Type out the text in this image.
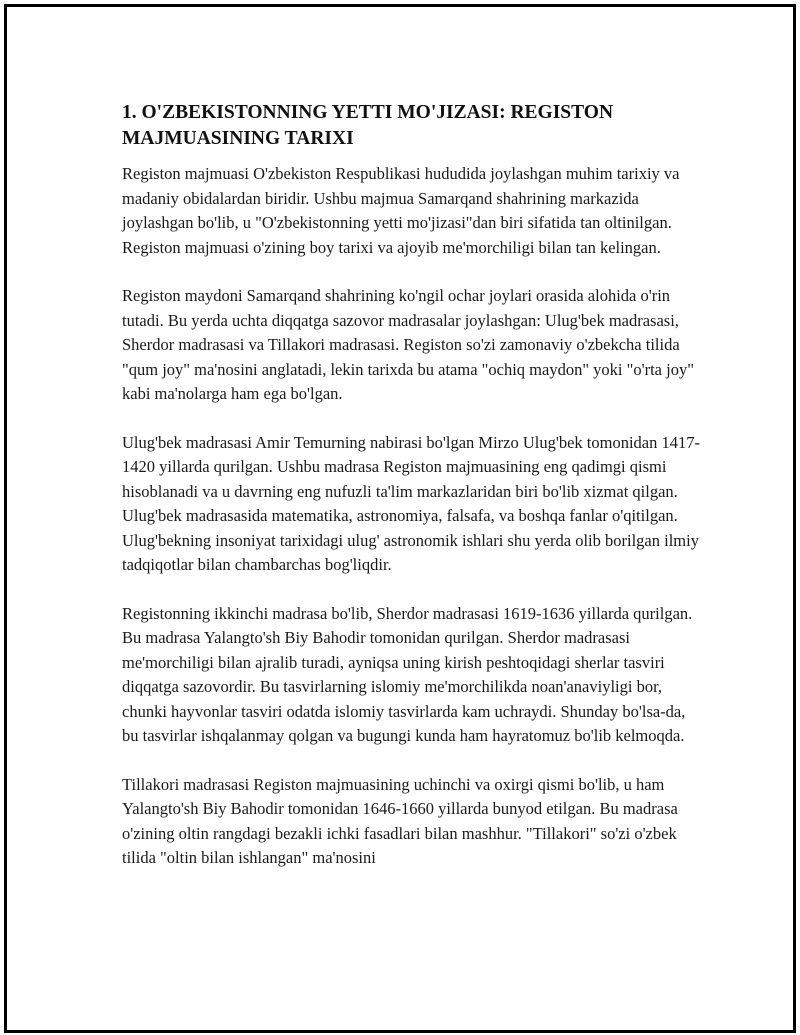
1. O'ZBEKISTONNING YETTI MO'JIZASI: REGISTON
MAJMUASINING TARIXI

Registon majmuasi O'zbekiston Respublikasi hududida joylashgan muhim tarixiy va madaniy obidalardan biridir. Ushbu majmua Samarqand shahrining markazida joylashgan bo'lib, u "O'zbekistonning yetti mo'jizasi"dan biri sifatida tan oltinilgan. Registon majmuasi o'zining boy tarixi va ajoyib me'morchiligi bilan tan kelingan.

Registon maydoni Samarqand shahrining ko'ngil ochar joylari orasida alohida o'rin tutadi. Bu yerda uchta diqqatga sazovor madrasalar joylashgan: Ulug'bek madrasasi, Sherdor madrasasi va Tillakori madrasasi. Registon so'zi zamonaviy o'zbekcha tilida "qum joy" ma'nosini anglatadi, lekin tarixda bu atama "ochiq maydon" yoki "o'rta joy" kabi ma'nolarga ham ega bo'lgan.

Ulug'bek madrasasi Amir Temurning nabirasi bo'lgan Mirzo Ulug'bek tomonidan 1417-1420 yillarda qurilgan. Ushbu madrasa Registon majmuasining eng qadimgi qismi hisoblanadi va u davrning eng nufuzli ta'lim markazlaridan biri bo'lib xizmat qilgan. Ulug'bek madrasasida matematika, astronomiya, falsafa, va boshqa fanlar o'qitilgan. Ulug'bekning insoniyat tarixidagi ulug' astronomik ishlari shu yerda olib borilgan ilmiy tadqiqotlar bilan chambarchas bog'liqdir.

Registonning ikkinchi madrasa bo'lib, Sherdor madrasasi 1619-1636 yillarda qurilgan. Bu madrasa Yalangto'sh Biy Bahodir tomonidan qurilgan. Sherdor madrasasi me'morchiligi bilan ajralib turadi, ayniqsa uning kirish peshtoqidagi sherlar tasviri diqqatga sazovordir. Bu tasvirlarning islomiy me'morchilikda noan'anaviyligi bor, chunki hayvonlar tasviri odatda islomiy tasvirlarda kam uchraydi. Shunday bo'lsa-da, bu tasvirlar ishqalanmay qolgan va bugungi kunda ham hayratomuz bo'lib kelmoqda.

Tillakori madrasasi Registon majmuasining uchinchi va oxirgi qismi bo'lib, u ham Yalangto'sh Biy Bahodir tomonidan 1646-1660 yillarda bunyod etilgan. Bu madrasa o'zining oltin rangdagi bezakli ichki fasadlari bilan mashhur. "Tillakori" so'zi o'zbek tilida "oltin bilan ishlangan" ma'nosini
